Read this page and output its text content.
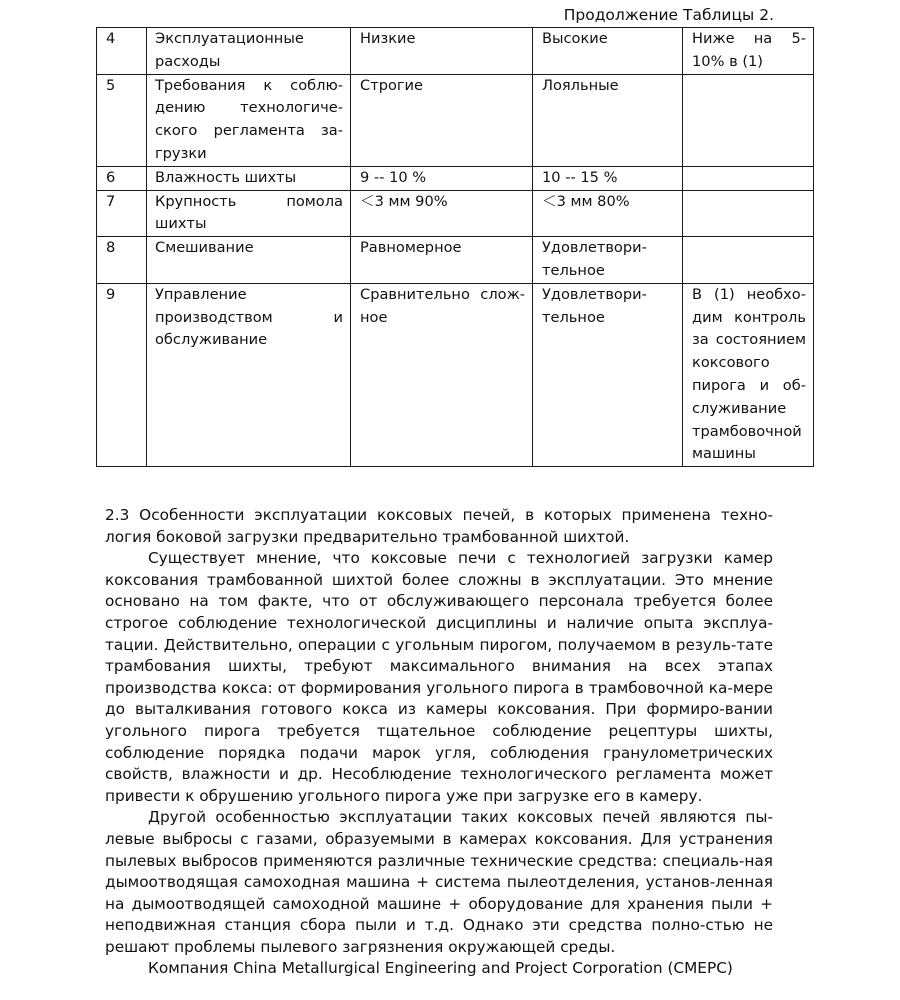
Продолжение Таблицы 2.
4	Эксплуатационные расходы	Низкие	Высокие	Ниже на 5-10% в (1)
5	Требования к соблю-дению технологиче-ского регламента за-грузки	Строгие	Лояльные	
6	Влажность шихты	9 -- 10 %	10 -- 15 %	
7	Крупность помола шихты	＜3 мм 90%	＜3 мм 80%	
8	Смешивание	Равномерное	Удовлетвори-тельное	
9	Управление производством и обслуживание	Сравнительно слож-ное	Удовлетвори-тельное	В (1) необхо-дим контроль за состоянием коксового пирога и об-служивание трамбовочной машины

2.3 Особенности эксплуатации коксовых печей, в которых применена техно-логия боковой загрузки предварительно трамбованной шихтой.

Существует мнение, что коксовые печи с технологией загрузки камер коксования трамбованной шихтой более сложны в эксплуатации. Это мнение основано на том факте, что от обслуживающего персонала требуется более строгое соблюдение технологической дисциплины и наличие опыта эксплуа-тации. Действительно, операции с угольным пирогом, получаемом в резуль-тате трамбования шихты, требуют максимального внимания на всех этапах производства кокса: от формирования угольного пирога в трамбовочной ка-мере до выталкивания готового кокса из камеры коксования. При формиро-вании угольного пирога требуется тщательное соблюдение рецептуры шихты, соблюдение порядка подачи марок угля, соблюдения гранулометрических свойств, влажности и др. Несоблюдение технологического регламента может привести к обрушению угольного пирога уже при загрузке его в камеру.

Другой особенностью эксплуатации таких коксовых печей являются пы-левые выбросы с газами, образуемыми в камерах коксования. Для устранения пылевых выбросов применяются различные технические средства: специаль-ная дымоотводящая самоходная машина + система пылеотделения, установ-ленная на дымоотводящей самоходной машине + оборудование для хранения пыли + неподвижная станция сбора пыли и т.д. Однако эти средства полно-стью не решают проблемы пылевого загрязнения окружающей среды.

Компания China Metallurgical Engineering and Project Corporation (CMEPC)
